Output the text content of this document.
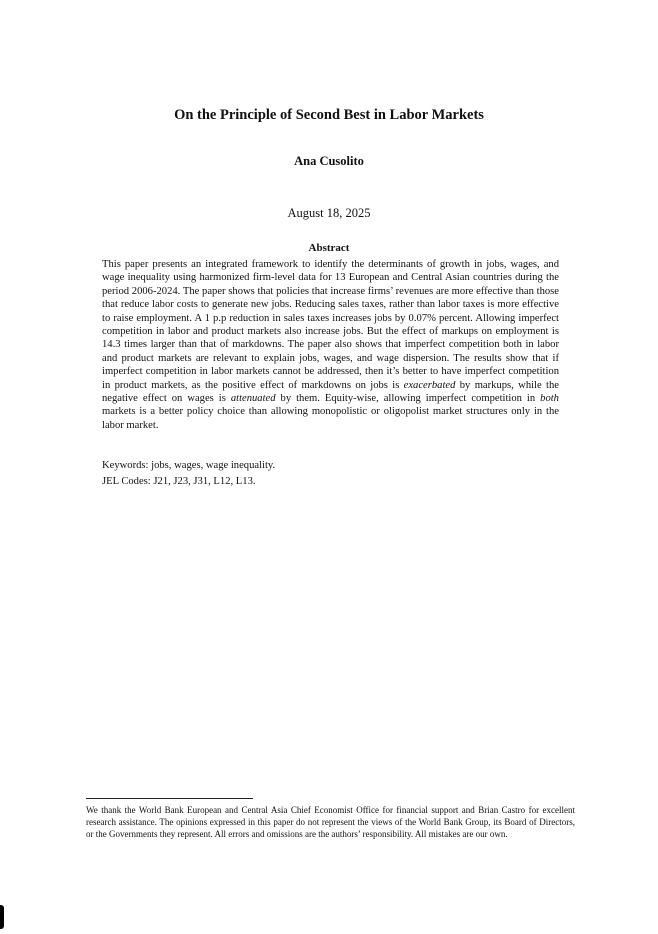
On the Principle of Second Best in Labor Markets
Ana Cusolito
August 18, 2025
Abstract

This paper presents an integrated framework to identify the determinants of growth in jobs, wages, and wage inequality using harmonized firm-level data for 13 European and Central Asian countries during the period 2006-2024. The paper shows that policies that increase firms’ revenues are more effective than those that reduce labor costs to generate new jobs. Reducing sales taxes, rather than labor taxes is more effective to raise employment. A 1 p.p reduction in sales taxes increases jobs by 0.07% percent. Allowing imperfect competition in labor and product markets also increase jobs. But the effect of markups on employment is 14.3 times larger than that of markdowns. The paper also shows that imperfect competition both in labor and product markets are relevant to explain jobs, wages, and wage dispersion. The results show that if imperfect competition in labor markets cannot be addressed, then it’s better to have imperfect competition in product markets, as the positive effect of markdowns on jobs is exacerbated by markups, while the negative effect on wages is attenuated by them. Equity-wise, allowing imperfect competition in both markets is a better policy choice than allowing monopolistic or oligopolist market structures only in the labor market.

Keywords: jobs, wages, wage inequality.
JEL Codes: J21, J23, J31, L12, L13.

We thank the World Bank European and Central Asia Chief Economist Office for financial support and Brian Castro for excellent research assistance. The opinions expressed in this paper do not represent the views of the World Bank Group, its Board of Directors, or the Governments they represent. All errors and omissions are the authors’ responsibility. All mistakes are our own.
